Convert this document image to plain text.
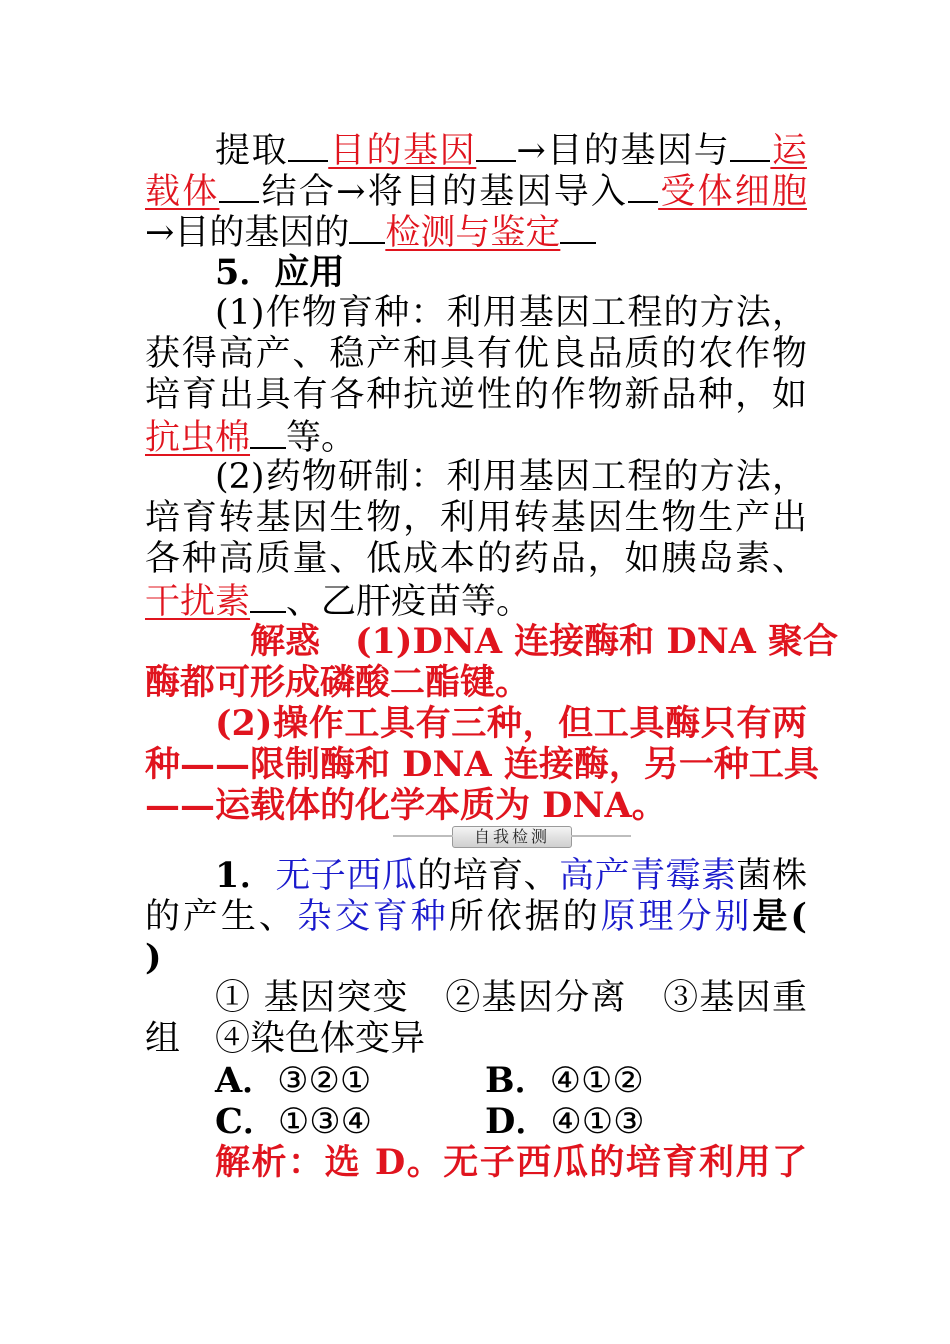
提取 目的基因 →目的基因与 运
载体 结合→将目的基因导入 受体细胞
→目的基因的 检测与鉴定
5．应用
(1)作物育种：利用基因工程的方法，
获得高产、稳产和具有优良品质的农作物
培育出具有各种抗逆性的作物新品种，如
抗虫棉 等。
(2)药物研制：利用基因工程的方法，
培育转基因生物，利用转基因生物生产出
各种高质量、低成本的药品，如胰岛素、
干扰素 、乙肝疫苗等。
解惑　(1)DNA 连接酶和 DNA 聚合
酶都可形成磷酸二酯键。
(2)操作工具有三种，但工具酶只有两
种——限制酶和 DNA 连接酶，另一种工具
——运载体的化学本质为 DNA。
自我检测
1．无子西瓜的培育、高产青霉素菌株
的产生、杂交育种所依据的原理分别是(
)
① 基因突变　②基因分离　③基因重
组　④染色体变异
A．③②①	B．④①②
C．①③④	D．④①③
解析：选 D。无子西瓜的培育利用了
